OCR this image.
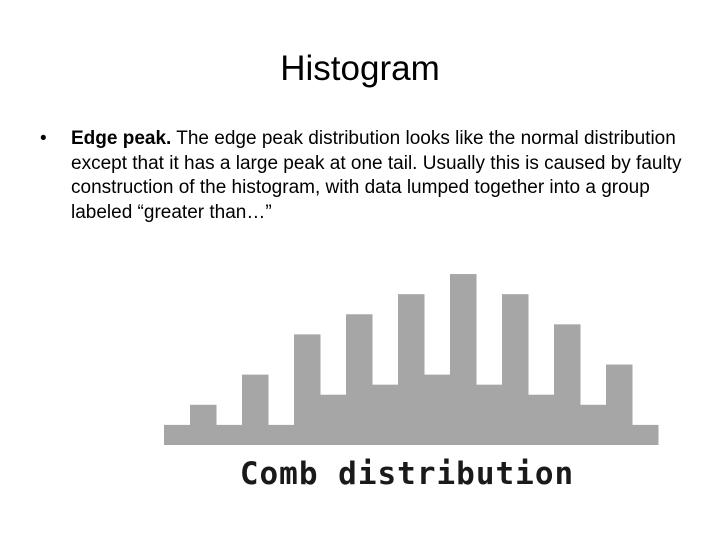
Histogram
• Edge peak. The edge peak distribution looks like the normal distribution except that it has a large peak at one tail. Usually this is caused by faulty construction of the histogram, with data lumped together into a group labeled “greater than…”
Comb distribution
